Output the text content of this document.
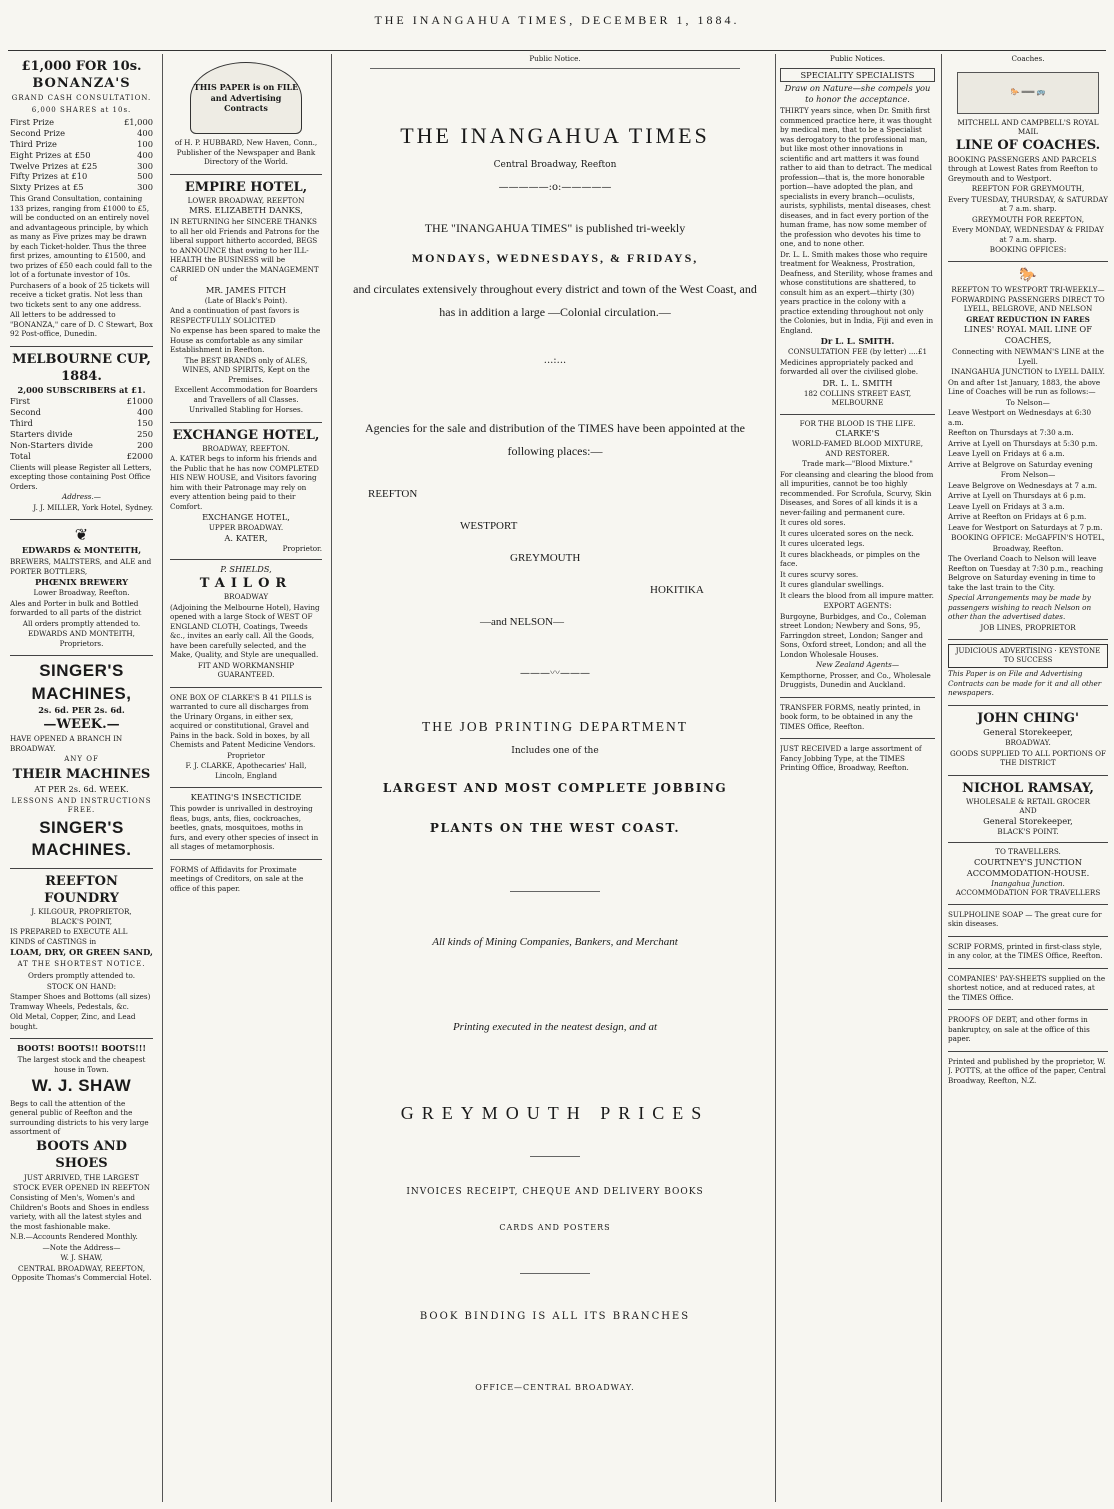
THE INANGAHUA TIMES, DECEMBER 1, 1884.
£1,000 FOR 10s.
BONANZA'S
GRAND CASH CONSULTATION.
6,000 SHARES at 10s.
First Prize	£1,000
Second Prize	400
Third Prize	100
Eight Prizes at £50	400
Twelve Prizes at £25	300
Fifty Prizes at £10	500
Sixty Prizes at £5	300

This Grand Consultation, containing 133 prizes, ranging from £1000 to £5, will be conducted on an entirely novel and advantageous principle, by which as many as Five prizes may be drawn by each Ticket-holder. Thus the three first prizes, amounting to £1500, and two prizes of £50 each could fall to the lot of a fortunate investor of 10s.

Purchasers of a book of 25 tickets will receive a ticket gratis. Not less than two tickets sent to any one address.

All letters to be addressed to "BONANZA," care of D. C Stewart, Box 92 Post-office, Dunedin.

MELBOURNE CUP, 1884.
2,000 SUBSCRIBERS at £1.
First	£1000
Second	400
Third	150
Starters divide	250
Non-Starters divide	200
Total	£2000

Clients will please Register all Letters, excepting those containing Post Office Orders.

Address.—

J. J. MILLER, York Hotel, Sydney.

❦
EDWARDS & MONTEITH,

BREWERS, MALTSTERS, and ALE and PORTER BOTTLERS,

PHŒNIX BREWERY
Lower Broadway, Reefton.

Ales and Porter in bulk and Bottled forwarded to all parts of the district

All orders promptly attended to.

EDWARDS AND MONTEITH, Proprietors.

SINGER'S MACHINES,
2s. 6d. PER 2s. 6d.
—WEEK.—

HAVE OPENED A BRANCH IN BROADWAY.

ANY OF
THEIR MACHINES
AT PER 2s. 6d. WEEK.
LESSONS AND INSTRUCTIONS FREE.
SINGER'S MACHINES.
REEFTON FOUNDRY
J. KILGOUR, PROPRIETOR,
BLACK'S POINT,

IS PREPARED to EXECUTE ALL KINDS of CASTINGS in

LOAM, DRY, OR GREEN SAND,
AT THE SHORTEST NOTICE.

Orders promptly attended to.

STOCK ON HAND:

Stamper Shoes and Bottoms (all sizes) Tramway Wheels, Pedestals, &c.

Old Metal, Copper, Zinc, and Lead bought.

BOOTS! BOOTS!! BOOTS!!!

The largest stock and the cheapest house in Town.

W. J. SHAW

Begs to call the attention of the general public of Reefton and the surrounding districts to his very large assortment of

BOOTS AND SHOES

JUST ARRIVED, THE LARGEST STOCK EVER OPENED IN REEFTON

Consisting of Men's, Women's and Children's Boots and Shoes in endless variety, with all the latest styles and the most fashionable make.

N.B.—Accounts Rendered Monthly.

—Note the Address—

W. J. SHAW,

CENTRAL BROADWAY, REEFTON, Opposite Thomas's Commercial Hotel.

THIS PAPER is on FILE and Advertising Contracts

of H. P. HUBBARD, New Haven, Conn., Publisher of the Newspaper and Bank Directory of the World.

EMPIRE HOTEL,
LOWER BROADWAY, REEFTON
MRS. ELIZABETH DANKS,

IN RETURNING her SINCERE THANKS to all her old Friends and Patrons for the liberal support hitherto accorded, BEGS to ANNOUNCE that owing to her ILL-HEALTH the BUSINESS will be CARRIED ON under the MANAGEMENT of

MR. JAMES FITCH
(Late of Black's Point).

And a continuation of past favors is RESPECTFULLY SOLICITED

No expense has been spared to make the House as comfortable as any similar Establishment in Reefton.

The BEST BRANDS only of ALES, WINES, AND SPIRITS, Kept on the Premises.

Excellent Accommodation for Boarders and Travellers of all Classes.

Unrivalled Stabling for Horses.

EXCHANGE HOTEL,
BROADWAY, REEFTON.

A. KATER begs to inform his friends and the Public that he has now COMPLETED HIS NEW HOUSE, and Visitors favoring him with their Patronage may rely on every attention being paid to their Comfort.

EXCHANGE HOTEL,
UPPER BROADWAY.
A. KATER,
Proprietor.
P. SHIELDS,
TAILOR
BROADWAY

(Adjoining the Melbourne Hotel), Having opened with a large Stock of WEST OF ENGLAND CLOTH, Coatings, Tweeds &c., invites an early call. All the Goods, have been carefully selected, and the Make, Quality, and Style are unequalled.

FIT AND WORKMANSHIP GUARANTEED.

ONE BOX OF CLARKE'S B 41 PILLS is warranted to cure all discharges from the Urinary Organs, in either sex, acquired or constitutional, Gravel and Pains in the back. Sold in boxes, by all Chemists and Patent Medicine Vendors.

Proprietor

F. J. CLARKE, Apothecaries' Hall, Lincoln, England

KEATING'S INSECTICIDE

This powder is unrivalled in destroying fleas, bugs, ants, flies, cockroaches, beetles, gnats, mosquitoes, moths in furs, and every other species of insect in all stages of metamorphosis.

FORMS of Affidavits for Proximate meetings of Creditors, on sale at the office of this paper.

Public Notice.
THE INANGAHUA TIMES
Central Broadway, Reefton
—————:o:—————
THE "INANGAHUA TIMES" is published tri-weekly
MONDAYS, WEDNESDAYS, & FRIDAYS,
and circulates extensively throughout every district and town of the West Coast, and has in addition a large —Colonial circulation.—
...:...
Agencies for the sale and distribution of the TIMES have been appointed at the following places:—
REEFTON
WESTPORT
GREYMOUTH
HOKITIKA
—and NELSON—
———〰———
THE JOB PRINTING DEPARTMENT
Includes one of the
LARGEST AND MOST COMPLETE JOBBING
PLANTS ON THE WEST COAST.
All kinds of Mining Companies, Bankers, and Merchant
Printing executed in the neatest design, and at
GREYMOUTH PRICES
INVOICES RECEIPT, CHEQUE AND DELIVERY BOOKS
CARDS AND POSTERS
BOOK BINDING IS ALL ITS BRANCHES
OFFICE—CENTRAL BROADWAY.
Public Notices.
SPECIALITY SPECIALISTS

Draw on Nature—she compels you to honor the acceptance.

THIRTY years since, when Dr. Smith first commenced practice here, it was thought by medical men, that to be a Specialist was derogatory to the professional man, but like most other innovations in scientific and art matters it was found rather to aid than to detract. The medical profession—that is, the more honorable portion—have adopted the plan, and specialists in every branch—oculists, aurists, syphilists, mental diseases, chest diseases, and in fact every portion of the human frame, has now some member of the profession who devotes his time to one, and to none other.

Dr. L. L. Smith makes those who require treatment for Weakness, Prostration, Deafness, and Sterility, whose frames and whose constitutions are shattered, to consult him as an expert—thirty (30) years practice in the colony with a practice extending throughout not only the Colonies, but in India, Fiji and even in England.

Dr L. L. SMITH.
CONSULTATION FEE (by letter) ....£1

Medicines appropriately packed and forwarded all over the civilised globe.

DR. L. L. SMITH
182 COLLINS STREET EAST, MELBOURNE
FOR THE BLOOD IS THE LIFE.
CLARKE'S
WORLD-FAMED BLOOD MIXTURE,
AND RESTORER.

Trade mark—"Blood Mixture."

For cleansing and clearing the blood from all impurities, cannot be too highly recommended. For Scrofula, Scurvy, Skin Diseases, and Sores of all kinds it is a never-failing and permanent cure.

It cures old sores.

It cures ulcerated sores on the neck.

It cures ulcerated legs.

It cures blackheads, or pimples on the face.

It cures scurvy sores.

It cures glandular swellings.

It clears the blood from all impure matter.

EXPORT AGENTS:

Burgoyne, Burbidges, and Co., Coleman street London; Newbery and Sons, 95, Farringdon street, London; Sanger and Sons, Oxford street, London; and all the London Wholesale Houses.

New Zealand Agents—

Kempthorne, Prosser, and Co., Wholesale Druggists, Dunedin and Auckland.

TRANSFER FORMS, neatly printed, in book form, to be obtained in any the TIMES Office, Reefton.

JUST RECEIVED a large assortment of Fancy Jobbing Type, at the TIMES Printing Office, Broadway, Reefton.

Coaches.
🐎 ═══ 🚌
MITCHELL AND CAMPBELL'S ROYAL MAIL
LINE OF COACHES.

BOOKING PASSENGERS AND PARCELS through at Lowest Rates from Reefton to Greymouth and to Westport.

REEFTON FOR GREYMOUTH,

Every TUESDAY, THURSDAY, & SATURDAY at 7 a.m. sharp.

GREYMOUTH FOR REEFTON,

Every MONDAY, WEDNESDAY & FRIDAY at 7 a.m. sharp.

BOOKING OFFICES:
🐎

REEFTON TO WESTPORT TRI-WEEKLY—FORWARDING PASSENGERS DIRECT TO LYELL, BELGROVE, AND NELSON

GREAT REDUCTION IN FARES
LINES' ROYAL MAIL LINE OF COACHES,

Connecting with NEWMAN'S LINE at the Lyell.

INANGAHUA JUNCTION to LYELL DAILY.

On and after 1st January, 1883, the above Line of Coaches will be run as follows:—

To Nelson—

Leave Westport on Wednesdays at 6:30 a.m.

Reefton on Thursdays at 7:30 a.m.

Arrive at Lyell on Thursdays at 5:30 p.m.

Leave Lyell on Fridays at 6 a.m.

Arrive at Belgrove on Saturday evening

From Nelson—

Leave Belgrove on Wednesdays at 7 a.m.

Arrive at Lyell on Thursdays at 6 p.m.

Leave Lyell on Fridays at 3 a.m.

Arrive at Reefton on Fridays at 6 p.m.

Leave for Westport on Saturdays at 7 p.m.

BOOKING OFFICE: McGAFFIN'S HOTEL,

Broadway, Reefton.

The Overland Coach to Nelson will leave Reefton on Tuesday at 7:30 p.m., reaching Belgrove on Saturday evening in time to take the last train to the City.

Special Arrangements may be made by passengers wishing to reach Nelson on other than the advertised dates.

JOB LINES, PROPRIETOR

JUDICIOUS ADVERTISING · KEYSTONE TO SUCCESS

This Paper is on File and Advertising Contracts can be made for it and all other newspapers.

JOHN CHING'
General Storekeeper,
BROADWAY.

GOODS SUPPLIED TO ALL PORTIONS OF THE DISTRICT

NICHOL RAMSAY,
WHOLESALE & RETAIL GROCER
AND
General Storekeeper,
BLACK'S POINT.
TO TRAVELLERS.
COURTNEY'S JUNCTION ACCOMMODATION-HOUSE.
Inangahua Junction.
ACCOMMODATION FOR TRAVELLERS

SULPHOLINE SOAP — The great cure for skin diseases.

SCRIP FORMS, printed in first-class style, in any color, at the TIMES Office, Reefton.

COMPANIES' PAY-SHEETS supplied on the shortest notice, and at reduced rates, at the TIMES Office.

PROOFS OF DEBT, and other forms in bankruptcy, on sale at the office of this paper.

Printed and published by the proprietor, W. J. POTTS, at the office of the paper, Central Broadway, Reefton, N.Z.
